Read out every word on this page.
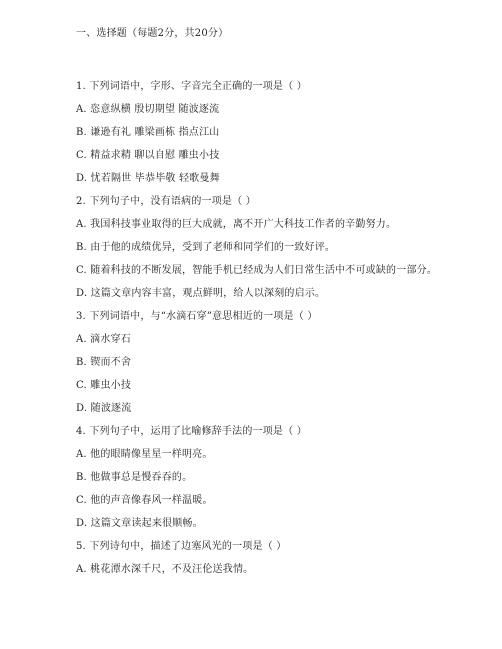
一、选择题（每题2分，共20分）
1. 下列词语中，字形、字音完全正确的一项是（ ）
A. 恣意纵横 殷切期望 随波逐流
B. 谦逊有礼 雕梁画栋 指点江山
C. 精益求精 聊以自慰 雕虫小技
D. 忧若隔世 毕恭毕敬 轻歌曼舞
2. 下列句子中，没有语病的一项是（ ）
A. 我国科技事业取得的巨大成就，离不开广大科技工作者的辛勤努力。
B. 由于他的成绩优异，受到了老师和同学们的一致好评。
C. 随着科技的不断发展，智能手机已经成为人们日常生活中不可或缺的一部分。
D. 这篇文章内容丰富，观点鲜明，给人以深刻的启示。
3. 下列词语中，与“水滴石穿”意思相近的一项是（ ）
A. 滴水穿石
B. 锲而不舍
C. 雕虫小技
D. 随波逐流
4. 下列句子中，运用了比喻修辞手法的一项是（ ）
A. 他的眼睛像星星一样明亮。
B. 他做事总是慢吞吞的。
C. 他的声音像春风一样温暖。
D. 这篇文章读起来很顺畅。
5. 下列诗句中，描述了边塞风光的一项是（ ）
A. 桃花潭水深千尺，不及汪伦送我情。
